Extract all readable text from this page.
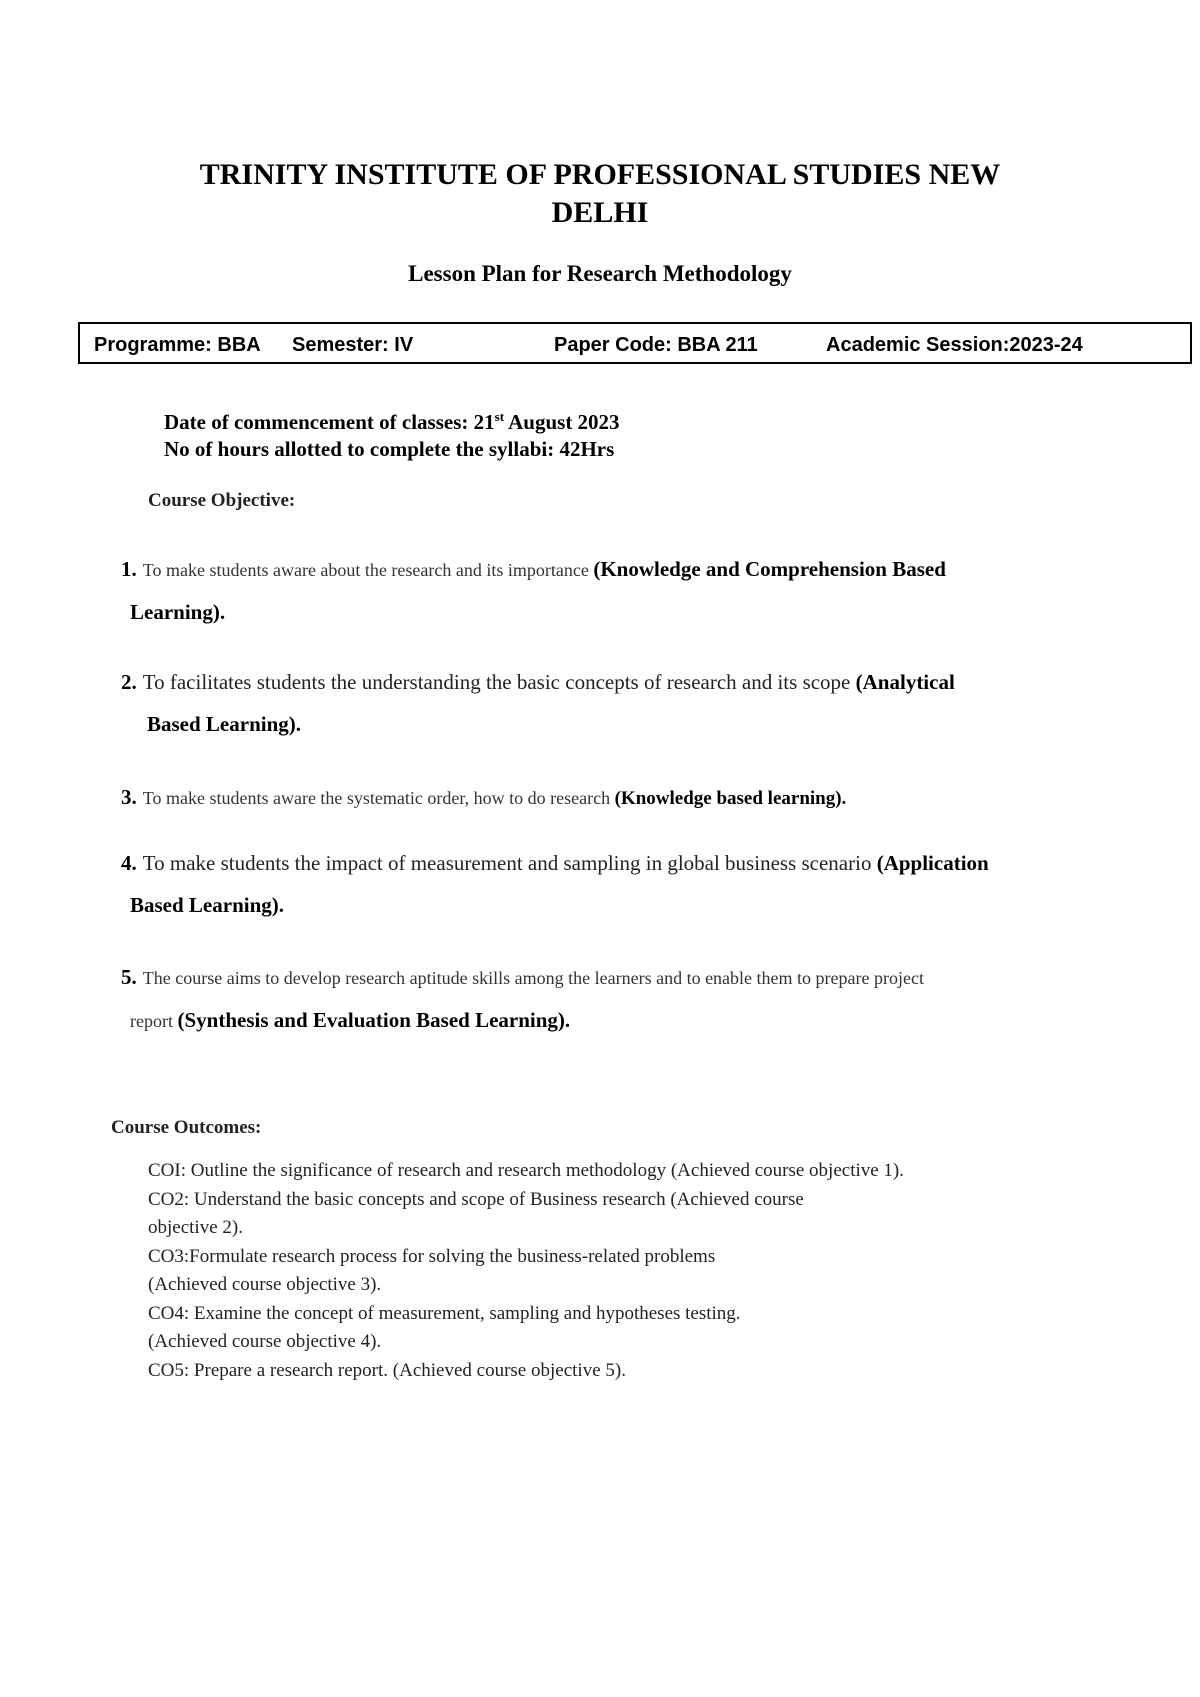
TRINITY INSTITUTE OF PROFESSIONAL STUDIES NEW
DELHI
Lesson Plan for Research Methodology
Programme: BBA Semester: IV	Paper Code: BBA 211	Academic Session:2023-24
Date of commencement of classes: 21st August 2023
No of hours allotted to complete the syllabi: 42Hrs
Course Objective:
1. To make students aware about the research and its importance (Knowledge and Comprehension Based
Learning).
2. To facilitates students the understanding the basic concepts of research and its scope (Analytical
Based Learning).
3. To make students aware the systematic order, how to do research (Knowledge based learning).
4. To make students the impact of measurement and sampling in global business scenario (Application
Based Learning).
5. The course aims to develop research aptitude skills among the learners and to enable them to prepare project
report (Synthesis and Evaluation Based Learning).
Course Outcomes:
COI: Outline the significance of research and research methodology (Achieved course objective 1).
CO2: Understand the basic concepts and scope of Business research (Achieved course
objective 2).
CO3:Formulate research process for solving the business-related problems
(Achieved course objective 3).
CO4: Examine the concept of measurement, sampling and hypotheses testing.
(Achieved course objective 4).
CO5: Prepare a research report. (Achieved course objective 5).
